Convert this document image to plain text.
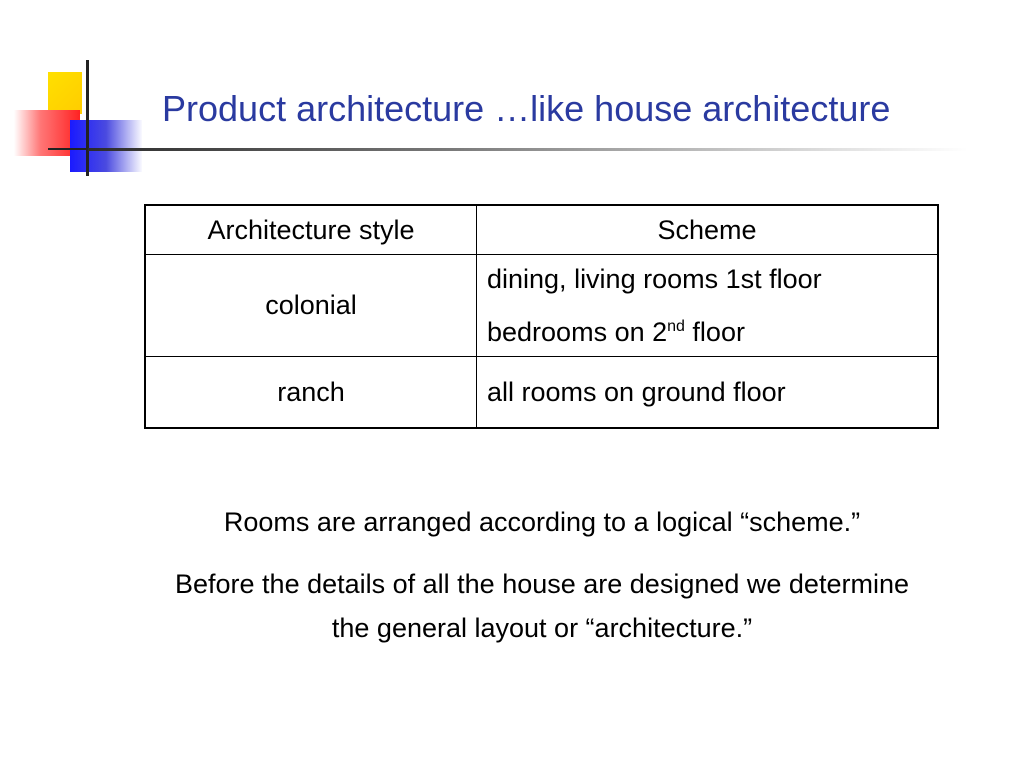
Product architecture …like house architecture
Architecture style	Scheme
colonial	dining, living rooms 1st floor
bedrooms on 2nd floor

ranch	all rooms on ground floor

Rooms are arranged according to a logical “scheme.”

Before the details of all the house are designed we determine
the general layout or “architecture.”
